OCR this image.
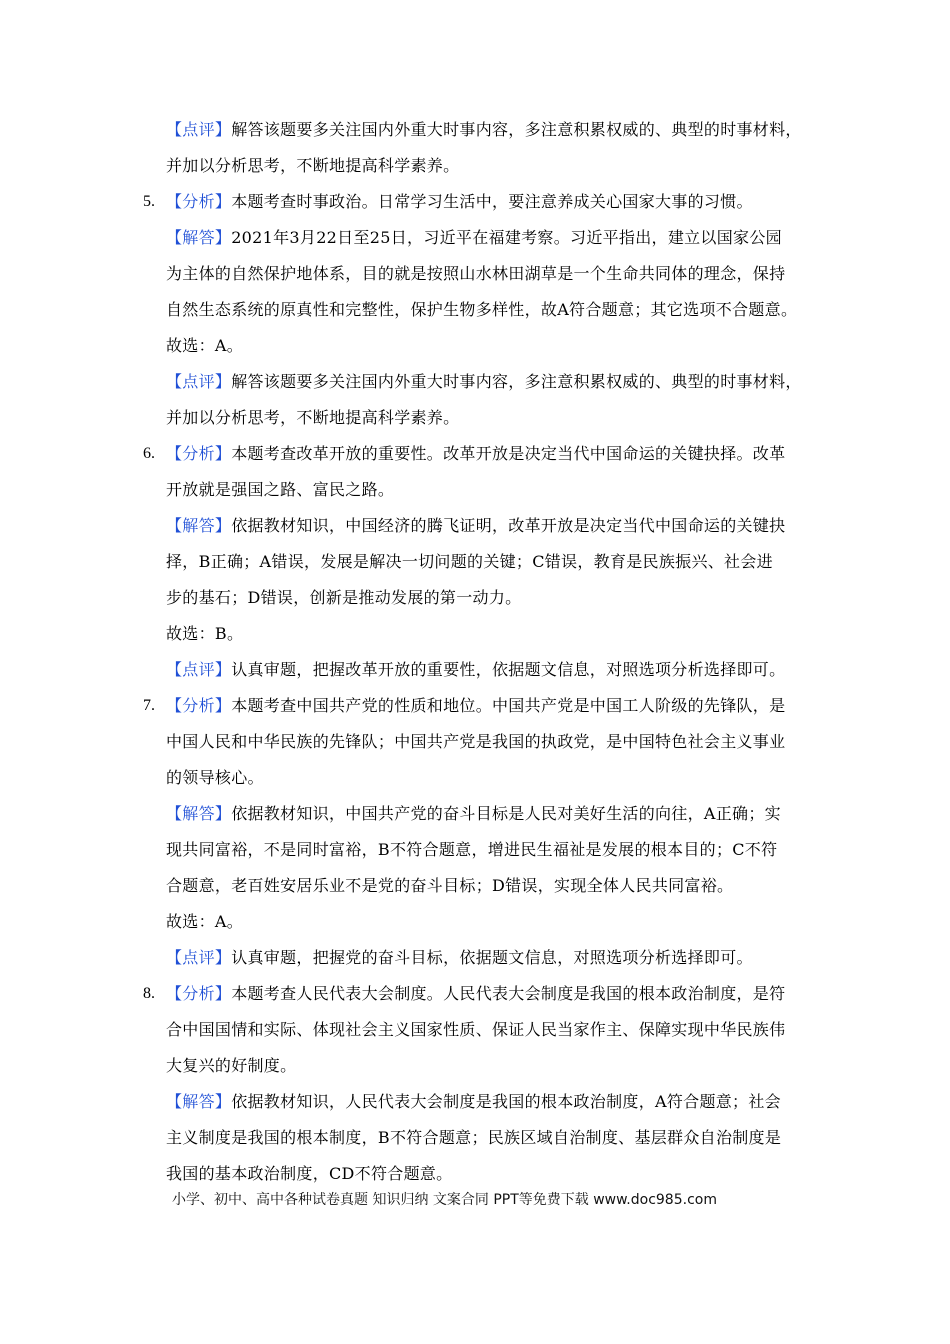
【点评】解答该题要多关注国内外重大时事内容，多注意积累权威的、典型的时事材料，
并加以分析思考，不断地提高科学素养。
5. 【分析】本题考查时事政治。日常学习生活中，要注意养成关心国家大事的习惯。
【解答】2021年3月22日至25日，习近平在福建考察。习近平指出，建立以国家公园
为主体的自然保护地体系，目的就是按照山水林田湖草是一个生命共同体的理念，保持
自然生态系统的原真性和完整性，保护生物多样性，故A符合题意；其它选项不合题意。
故选：A。
【点评】解答该题要多关注国内外重大时事内容，多注意积累权威的、典型的时事材料，
并加以分析思考，不断地提高科学素养。
6. 【分析】本题考查改革开放的重要性。改革开放是决定当代中国命运的关键抉择。改革
开放就是强国之路、富民之路。
【解答】依据教材知识，中国经济的腾飞证明，改革开放是决定当代中国命运的关键抉
择，B正确；A错误，发展是解决一切问题的关键；C错误，教育是民族振兴、社会进
步的基石；D错误，创新是推动发展的第一动力。
故选：B。
【点评】认真审题，把握改革开放的重要性，依据题文信息，对照选项分析选择即可。
7. 【分析】本题考查中国共产党的性质和地位。中国共产党是中国工人阶级的先锋队，是
中国人民和中华民族的先锋队；中国共产党是我国的执政党，是中国特色社会主义事业
的领导核心。
【解答】依据教材知识，中国共产党的奋斗目标是人民对美好生活的向往，A正确；实
现共同富裕，不是同时富裕，B不符合题意，增进民生福祉是发展的根本目的；C不符
合题意，老百姓安居乐业不是党的奋斗目标；D错误，实现全体人民共同富裕。
故选：A。
【点评】认真审题，把握党的奋斗目标，依据题文信息，对照选项分析选择即可。
8. 【分析】本题考查人民代表大会制度。人民代表大会制度是我国的根本政治制度，是符
合中国国情和实际、体现社会主义国家性质、保证人民当家作主、保障实现中华民族伟
大复兴的好制度。
【解答】依据教材知识，人民代表大会制度是我国的根本政治制度，A符合题意；社会
主义制度是我国的根本制度，B不符合题意；民族区域自治制度、基层群众自治制度是
我国的基本政治制度，CD不符合题意。
小学、初中、高中各种试卷真题 知识归纳 文案合同 PPT等免费下载 www.doc985.com
